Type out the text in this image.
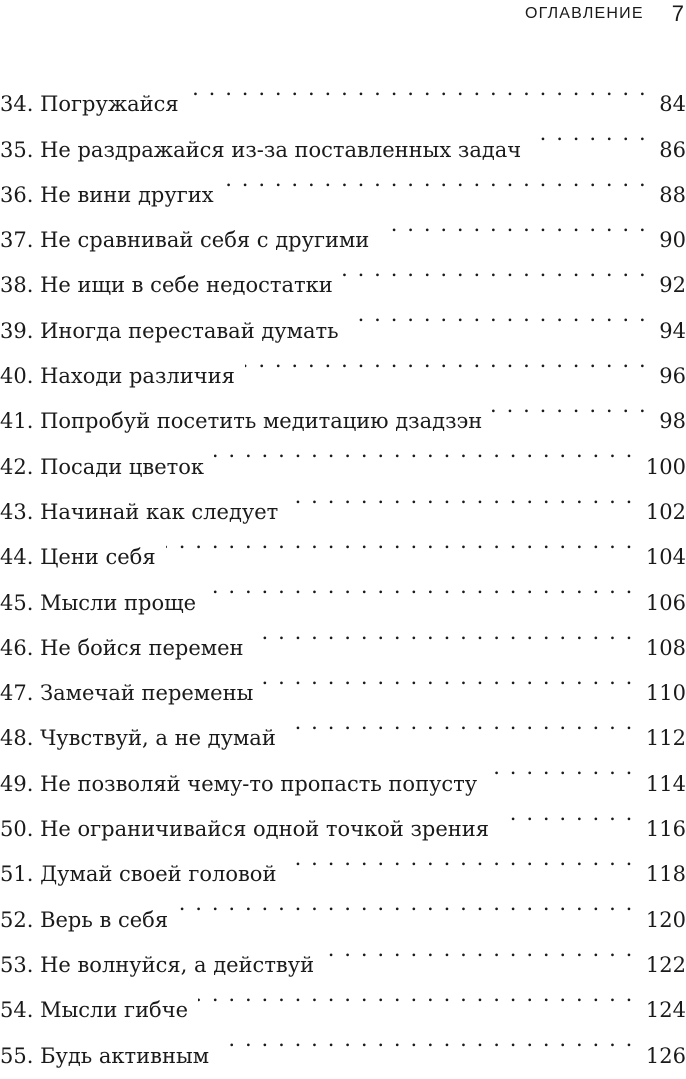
ОГЛАВЛЕНИЕ 7
34. Погружайся . . .	84
35. Не раздражайся из-за поставленных задач . . .	86
36. Не вини других . . .	88
37. Не сравнивай себя с другими . . .	90
38. Не ищи в себе недостатки . . .	92
39. Иногда переставай думать . . .	94
40. Находи различия . . .	96
41. Попробуй посетить медитацию дзадзэн . . .	98
42. Посади цветок . . .	100
43. Начинай как следует . . .	102
44. Цени себя . . .	104
45. Мысли проще . . .	106
46. Не бойся перемен . . .	108
47. Замечай перемены . . .	110
48. Чувствуй, а не думай . . .	112
49. Не позволяй чему-то пропасть попусту . . .	114
50. Не ограничивайся одной точкой зрения . . .	116
51. Думай своей головой . . .	118
52. Верь в себя . . .	120
53. Не волнуйся, а действуй . . .	122
54. Мысли гибче . . .	124
55. Будь активным . . .	126
